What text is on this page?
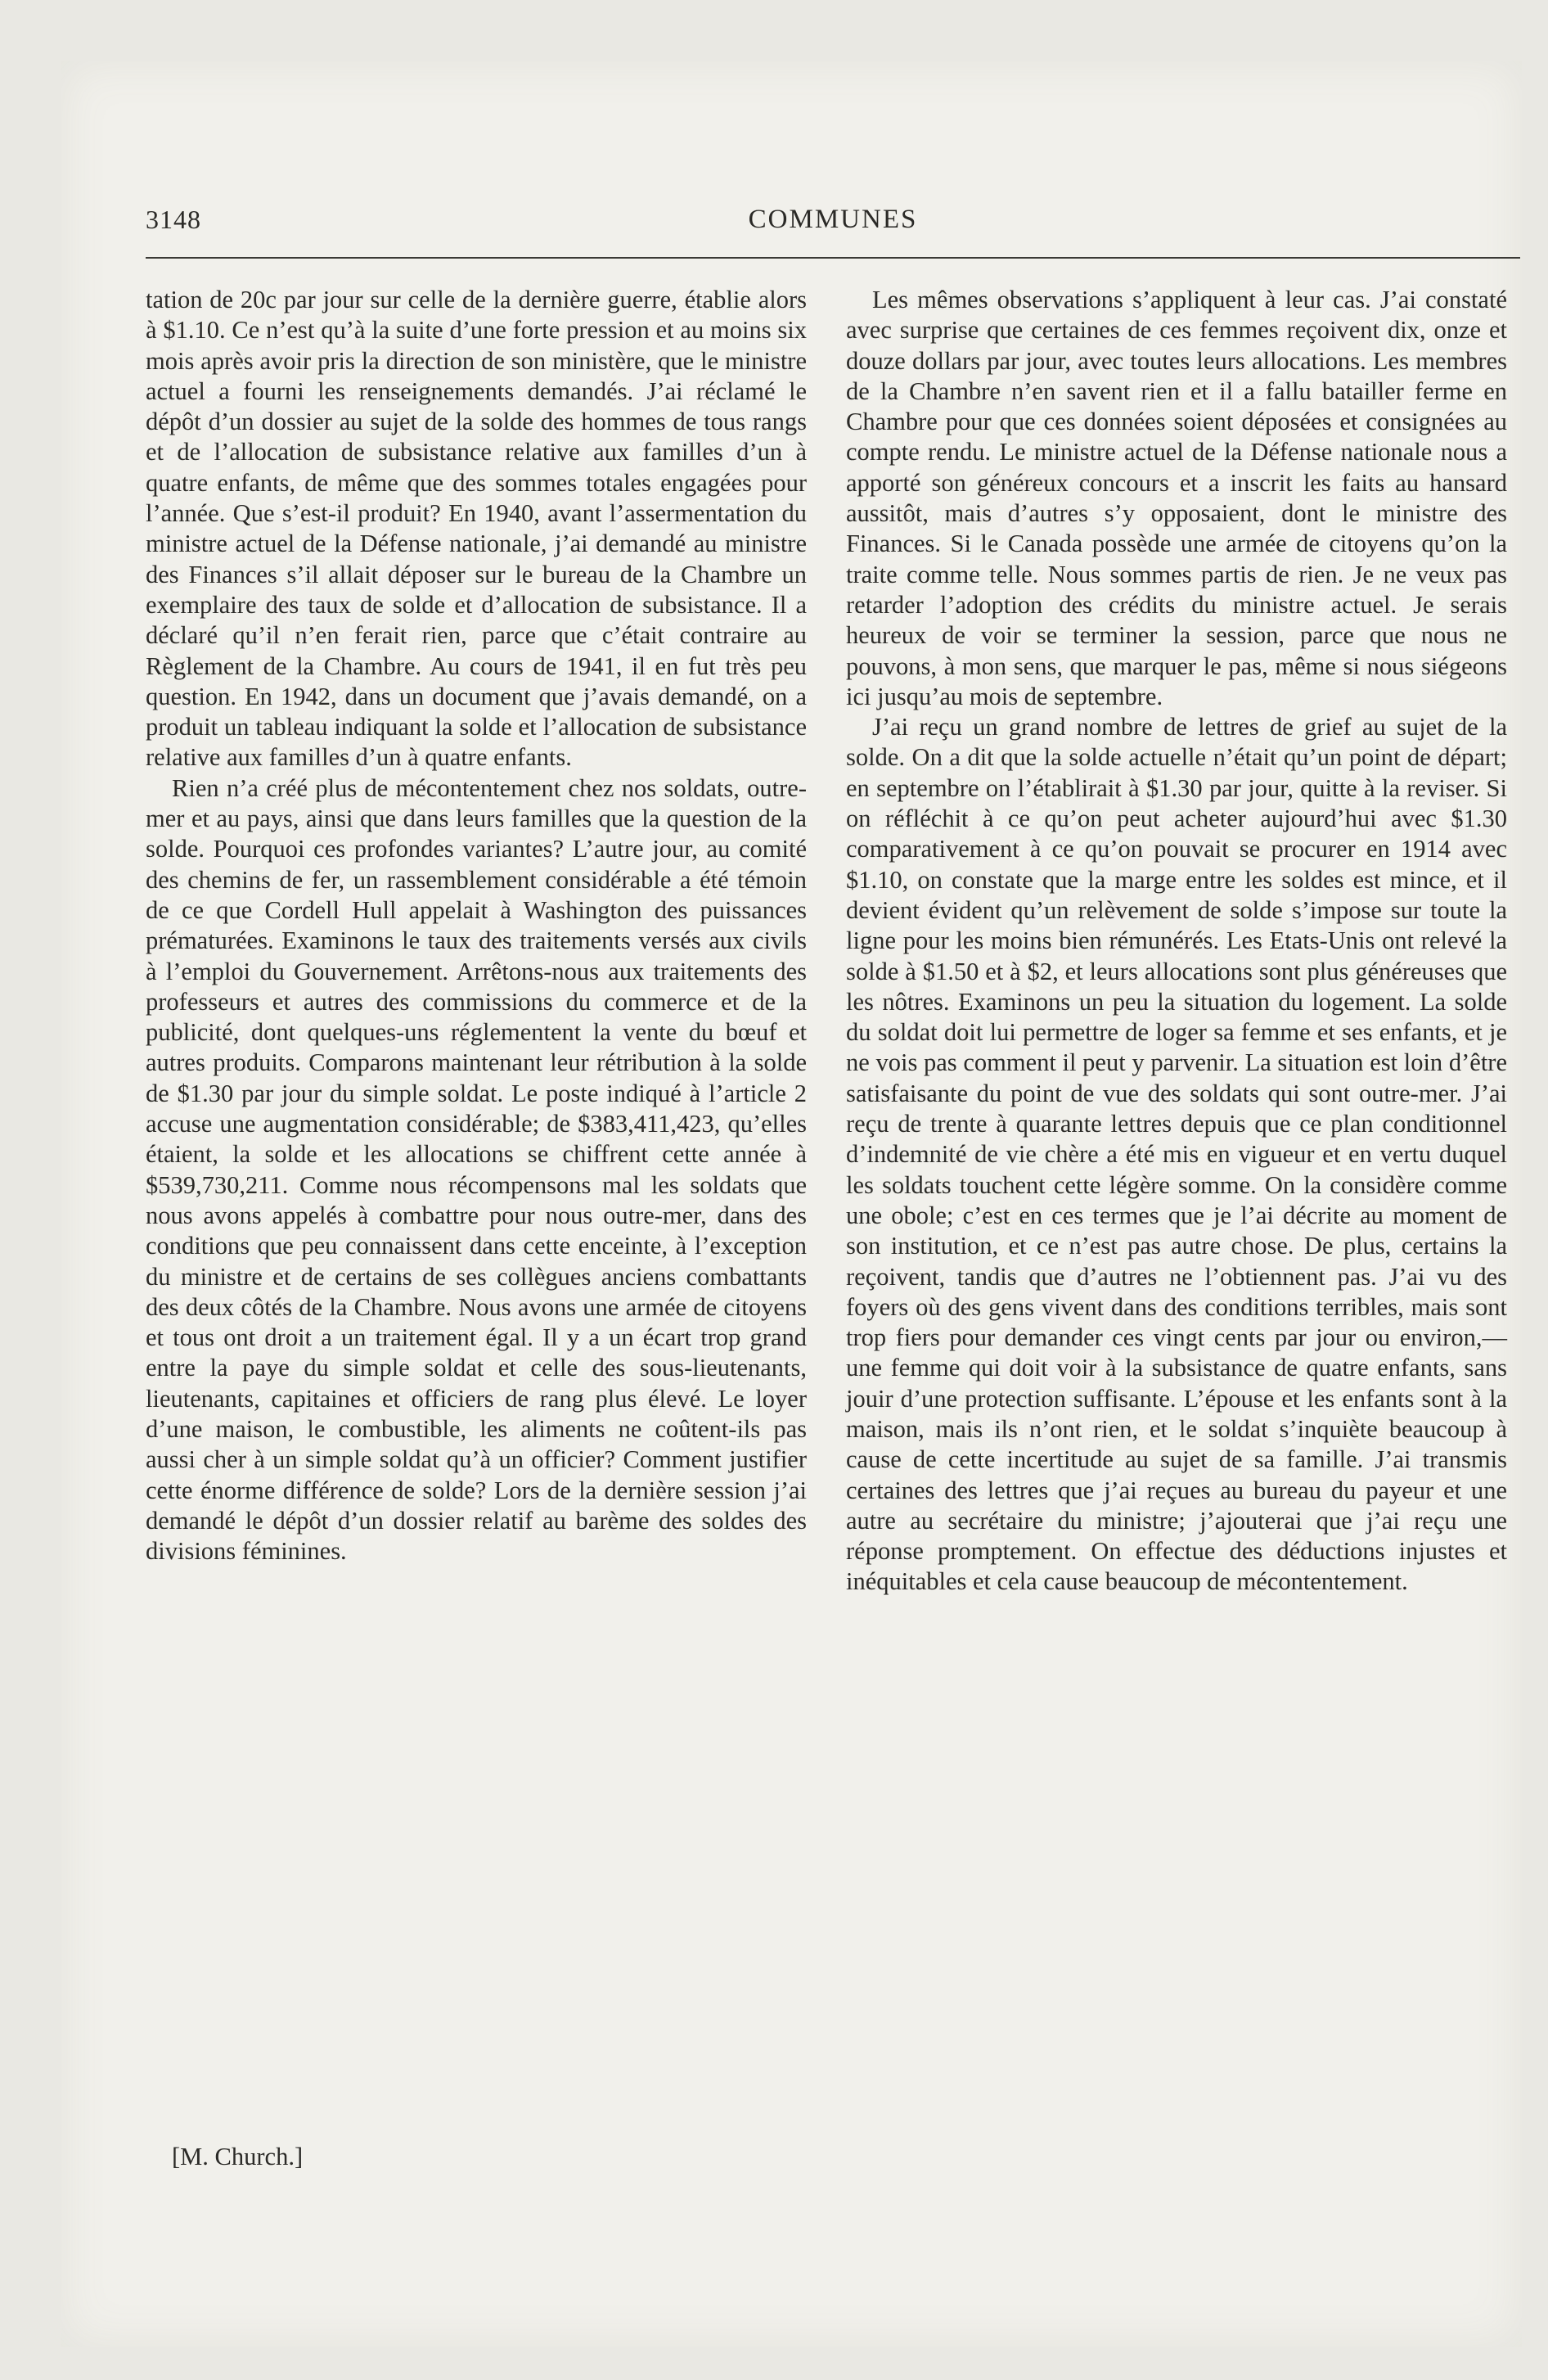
3148	COMMUNES

tation de 20c par jour sur celle de la dernière guerre, établie alors à $1.10. Ce n’est qu’à la suite d’une forte pression et au moins six mois après avoir pris la direction de son ministère, que le ministre actuel a fourni les renseignements demandés. J’ai réclamé le dépôt d’un dossier au sujet de la solde des hommes de tous rangs et de l’allocation de subsistance relative aux familles d’un à quatre enfants, de même que des sommes totales engagées pour l’année. Que s’est-il produit? En 1940, avant l’assermentation du ministre actuel de la Défense nationale, j’ai demandé au ministre des Finances s’il allait déposer sur le bureau de la Chambre un exemplaire des taux de solde et d’allocation de subsistance. Il a déclaré qu’il n’en ferait rien, parce que c’était contraire au Règlement de la Chambre. Au cours de 1941, il en fut très peu question. En 1942, dans un document que j’avais demandé, on a produit un tableau indiquant la solde et l’allocation de subsistance relative aux familles d’un à quatre enfants.

Rien n’a créé plus de mécontentement chez nos soldats, outre-mer et au pays, ainsi que dans leurs familles que la question de la solde. Pourquoi ces profondes variantes? L’autre jour, au comité des chemins de fer, un rassemblement considérable a été témoin de ce que Cordell Hull appelait à Washington des puissances prématurées. Examinons le taux des traitements versés aux civils à l’emploi du Gouvernement. Arrêtons-nous aux traitements des professeurs et autres des commissions du commerce et de la publicité, dont quelques-uns réglementent la vente du bœuf et autres produits. Comparons maintenant leur rétribution à la solde de $1.30 par jour du simple soldat. Le poste indiqué à l’article 2 accuse une augmentation considérable; de $383,411,423, qu’elles étaient, la solde et les allocations se chiffrent cette année à $539,730,211. Comme nous récompensons mal les soldats que nous avons appelés à combattre pour nous outre-mer, dans des conditions que peu connaissent dans cette enceinte, à l’exception du ministre et de certains de ses collègues anciens combattants des deux côtés de la Chambre. Nous avons une armée de citoyens et tous ont droit a un traitement égal. Il y a un écart trop grand entre la paye du simple soldat et celle des sous-lieutenants, lieutenants, capitaines et officiers de rang plus élevé. Le loyer d’une maison, le combustible, les aliments ne coûtent-ils pas aussi cher à un simple soldat qu’à un officier? Comment justifier cette énorme différence de solde? Lors de la dernière session j’ai demandé le dépôt d’un dossier relatif au barème des soldes des divisions féminines.

Les mêmes observations s’appliquent à leur cas. J’ai constaté avec surprise que certaines de ces femmes reçoivent dix, onze et douze dollars par jour, avec toutes leurs allocations. Les membres de la Chambre n’en savent rien et il a fallu batailler ferme en Chambre pour que ces données soient déposées et consignées au compte rendu. Le ministre actuel de la Défense nationale nous a apporté son généreux concours et a inscrit les faits au hansard aussitôt, mais d’autres s’y opposaient, dont le ministre des Finances. Si le Canada possède une armée de citoyens qu’on la traite comme telle. Nous sommes partis de rien. Je ne veux pas retarder l’adoption des crédits du ministre actuel. Je serais heureux de voir se terminer la session, parce que nous ne pouvons, à mon sens, que marquer le pas, même si nous siégeons ici jusqu’au mois de septembre.

J’ai reçu un grand nombre de lettres de grief au sujet de la solde. On a dit que la solde actuelle n’était qu’un point de départ; en septembre on l’établirait à $1.30 par jour, quitte à la reviser. Si on réfléchit à ce qu’on peut acheter aujourd’hui avec $1.30 comparativement à ce qu’on pouvait se procurer en 1914 avec $1.10, on constate que la marge entre les soldes est mince, et il devient évident qu’un relèvement de solde s’impose sur toute la ligne pour les moins bien rémunérés. Les Etats-Unis ont relevé la solde à $1.50 et à $2, et leurs allocations sont plus généreuses que les nôtres. Examinons un peu la situation du logement. La solde du soldat doit lui permettre de loger sa femme et ses enfants, et je ne vois pas comment il peut y parvenir. La situation est loin d’être satisfaisante du point de vue des soldats qui sont outre-mer. J’ai reçu de trente à quarante lettres depuis que ce plan conditionnel d’indemnité de vie chère a été mis en vigueur et en vertu duquel les soldats touchent cette légère somme. On la considère comme une obole; c’est en ces termes que je l’ai décrite au moment de son institution, et ce n’est pas autre chose. De plus, certains la reçoivent, tandis que d’autres ne l’obtiennent pas. J’ai vu des foyers où des gens vivent dans des conditions terribles, mais sont trop fiers pour demander ces vingt cents par jour ou environ,—une femme qui doit voir à la subsistance de quatre enfants, sans jouir d’une protection suffisante. L’épouse et les enfants sont à la maison, mais ils n’ont rien, et le soldat s’inquiète beaucoup à cause de cette incertitude au sujet de sa famille. J’ai transmis certaines des lettres que j’ai reçues au bureau du payeur et une autre au secrétaire du ministre; j’ajouterai que j’ai reçu une réponse promptement. On effectue des déductions injustes et inéquitables et cela cause beaucoup de mécontentement.

[M. Church.]
